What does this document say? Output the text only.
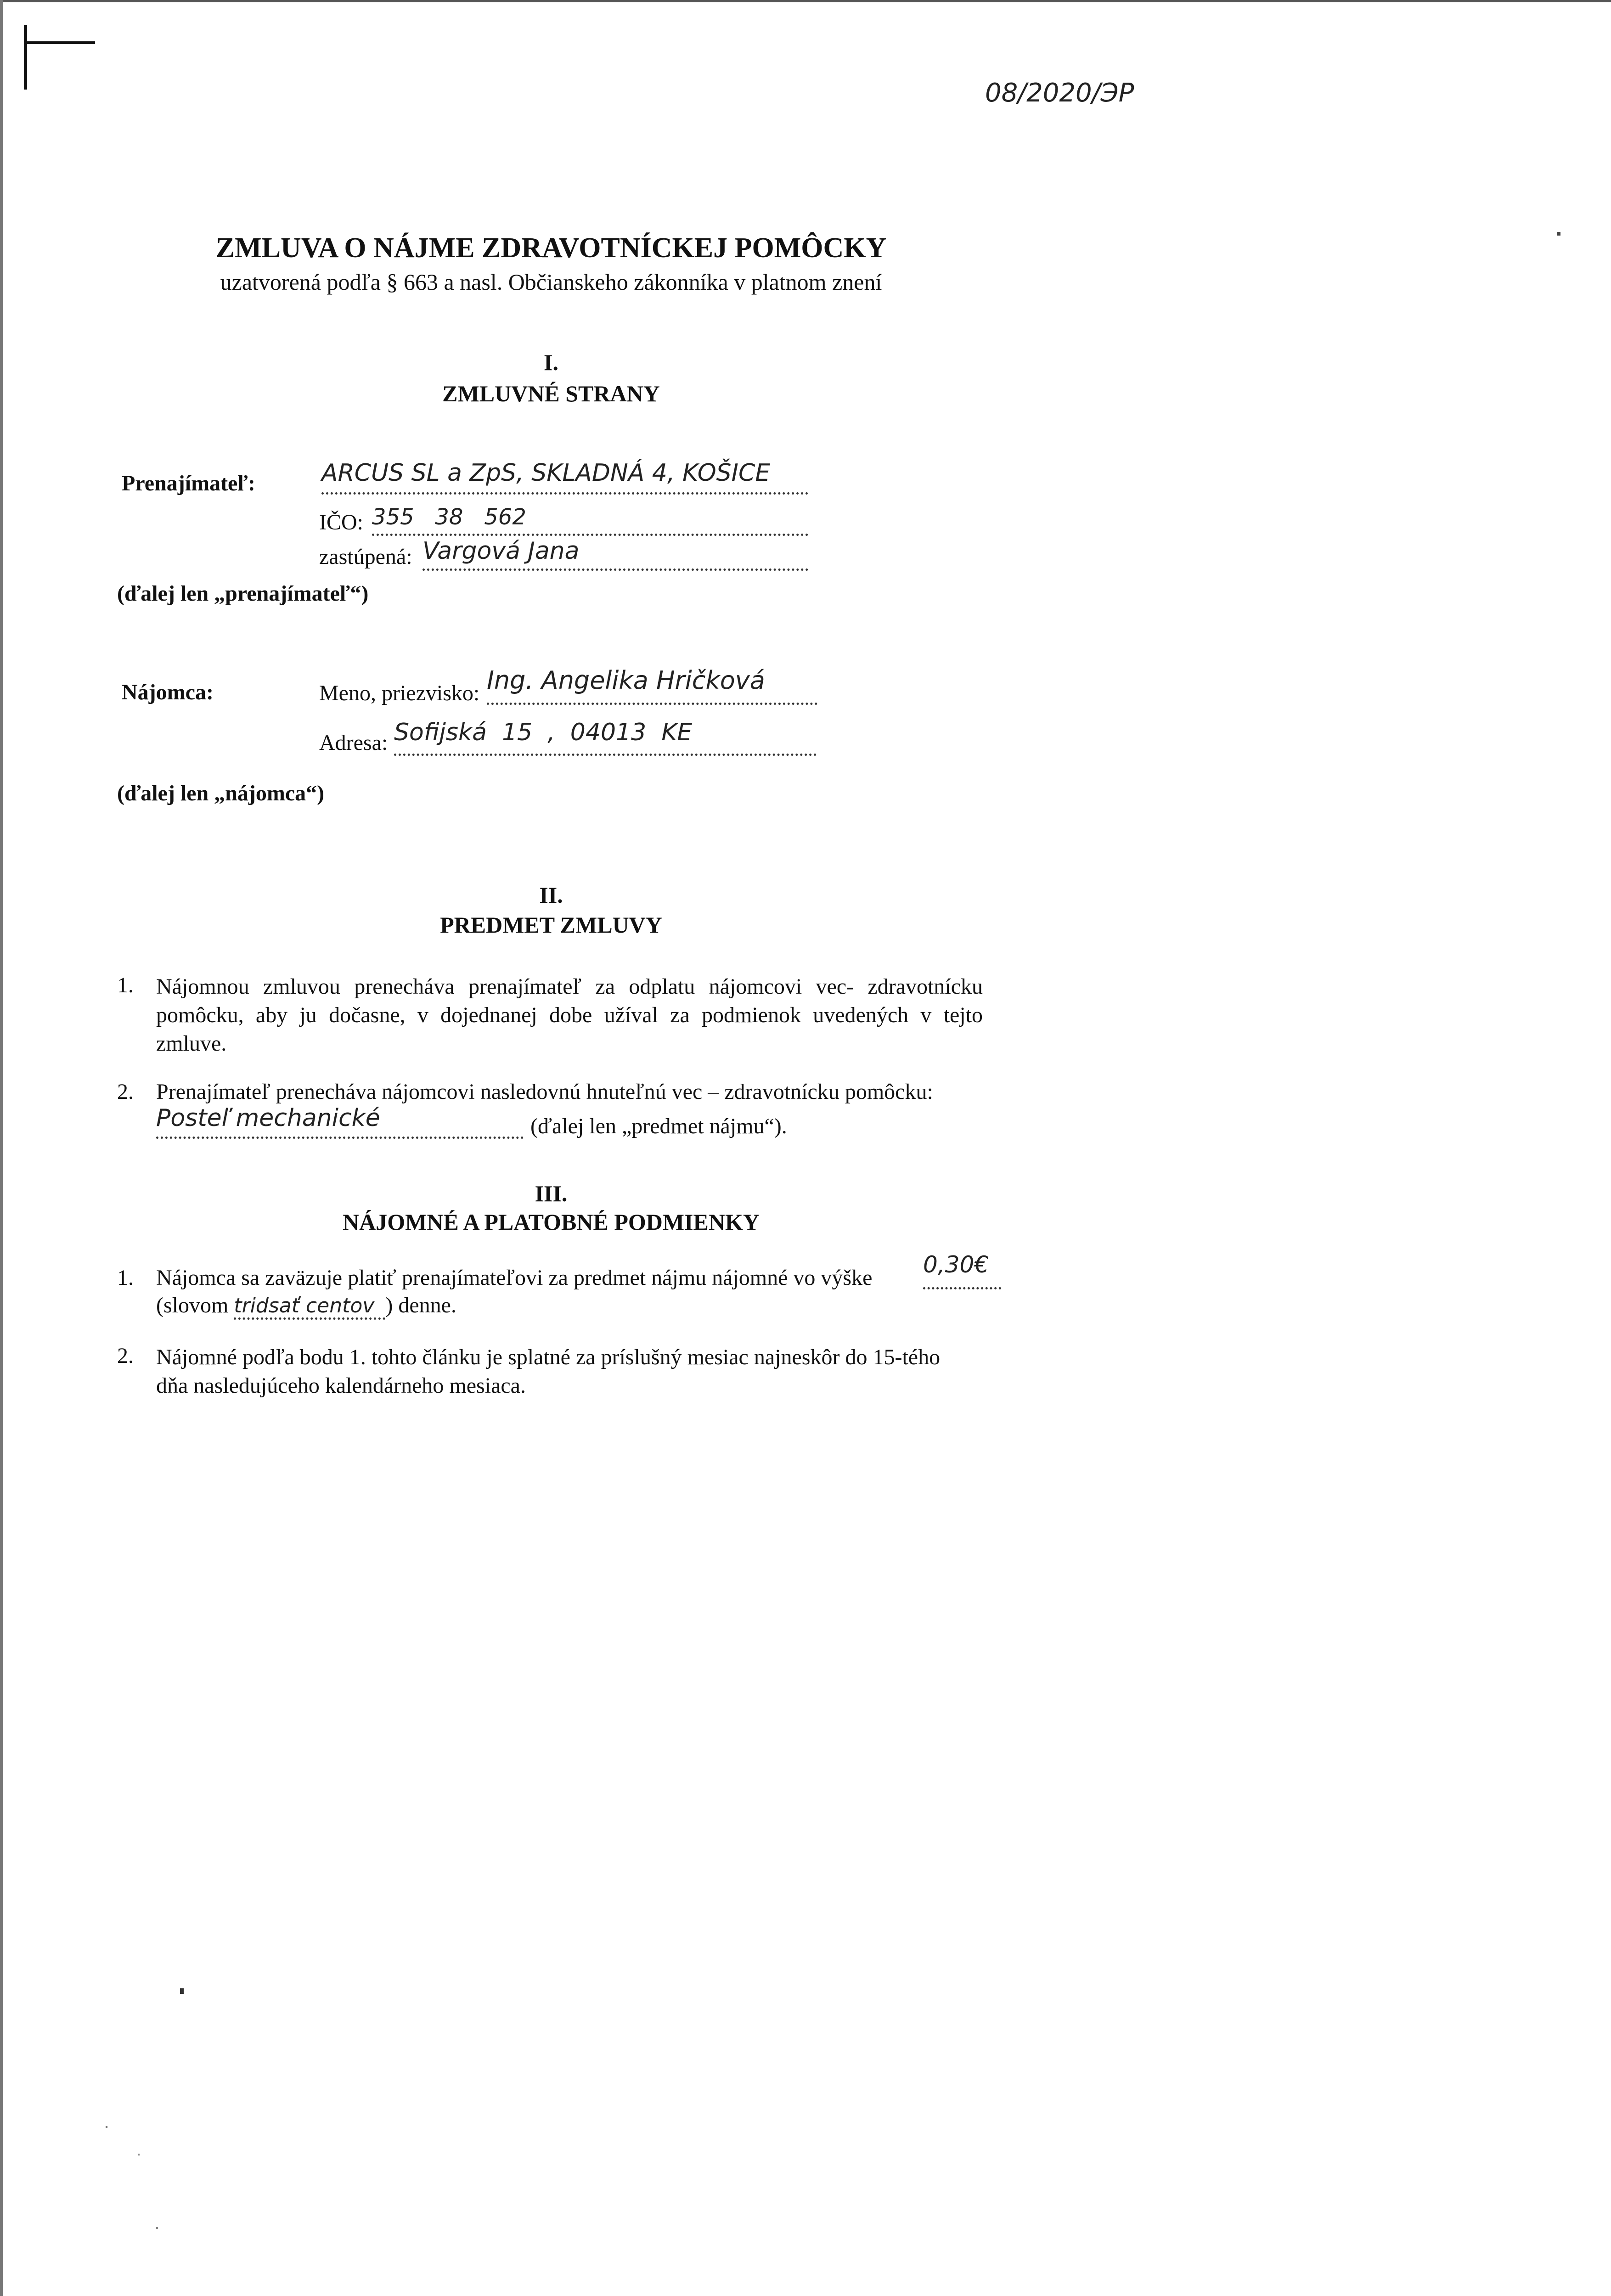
08/2020/ЭP
ZMLUVA O NÁJME ZDRAVOTNÍCKEJ POMÔCKY
uzatvorená podľa § 663 a nasl. Občianskeho zákonníka v platnom znení
I.
ZMLUVNÉ STRANY
Prenajímateľ:	ARCUS SL a ZpS, SKLADNÁ 4, KOŠICE
IČO: 355   38   562
zastúpená: Vargová Jana
(ďalej len „prenajímateľ“)
Nájomca:	Meno, priezvisko: Ing. Angelika Hričková
Adresa: Sofijská  15  ,  04013  KE
(ďalej len „nájomca“)
II.
PREDMET ZMLUVY
1. Nájomnou zmluvou prenecháva prenajímateľ za odplatu nájomcovi vec- zdravotnícku
pomôcku, aby ju dočasne, v dojednanej dobe užíval za podmienok uvedených v tejto
zmluve.
2. Prenajímateľ prenecháva nájomcovi nasledovnú hnuteľnú vec – zdravotnícku pomôcku:
Posteľ mechanické	(ďalej len „predmet nájmu“).
III.
NÁJOMNÉ A PLATOBNÉ PODMIENKY
1. Nájomca sa zaväzuje platiť prenajímateľovi za predmet nájmu nájomné vo výške 0,30€
(slovom tridsať centov ) denne.
2. Nájomné podľa bodu 1. tohto článku je splatné za príslušný mesiac najneskôr do 15-tého
dňa nasledujúceho kalendárneho mesiaca.
